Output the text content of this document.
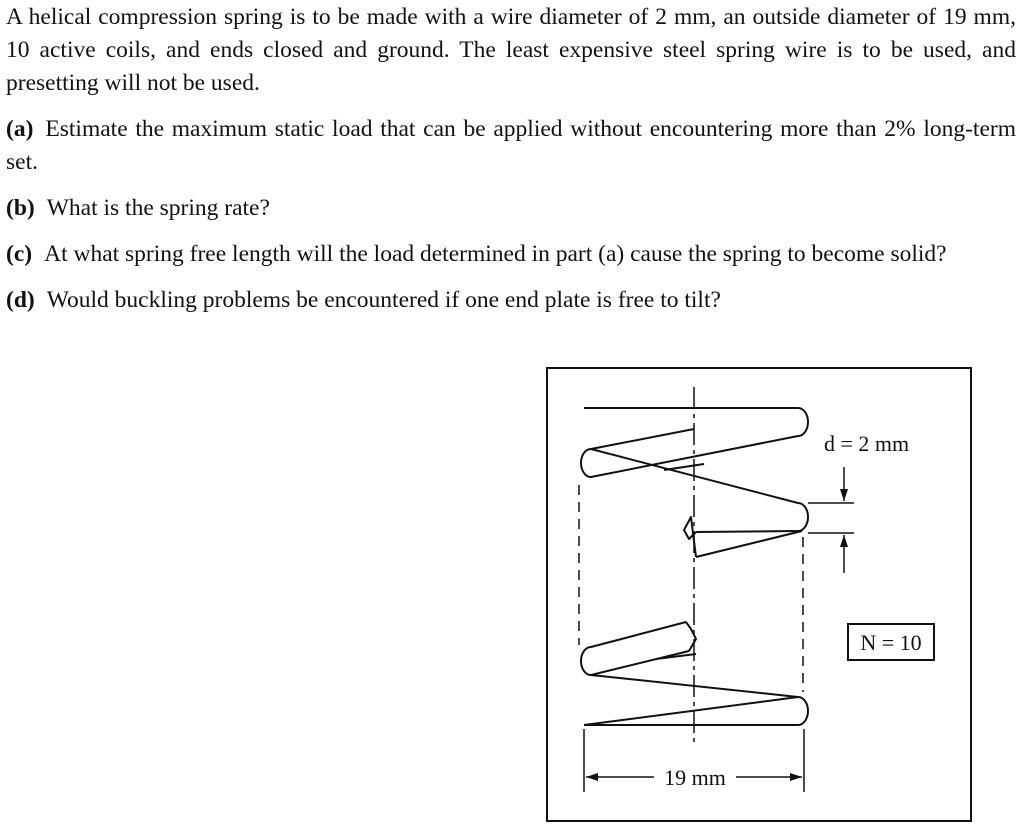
A helical compression spring is to be made with a wire diameter of 2 mm, an outside diameter of 19 mm, 10 active coils, and ends closed and ground. The least expensive steel spring wire is to be used, and presetting will not be used.

(a) Estimate the maximum static load that can be applied without encountering more than 2% long-term set.

(b) What is the spring rate?

(c) At what spring free length will the load determined in part (a) cause the spring to become solid?

(d) Would buckling problems be encountered if one end plate is free to tilt?

d = 2 mm
N = 10
19 mm
